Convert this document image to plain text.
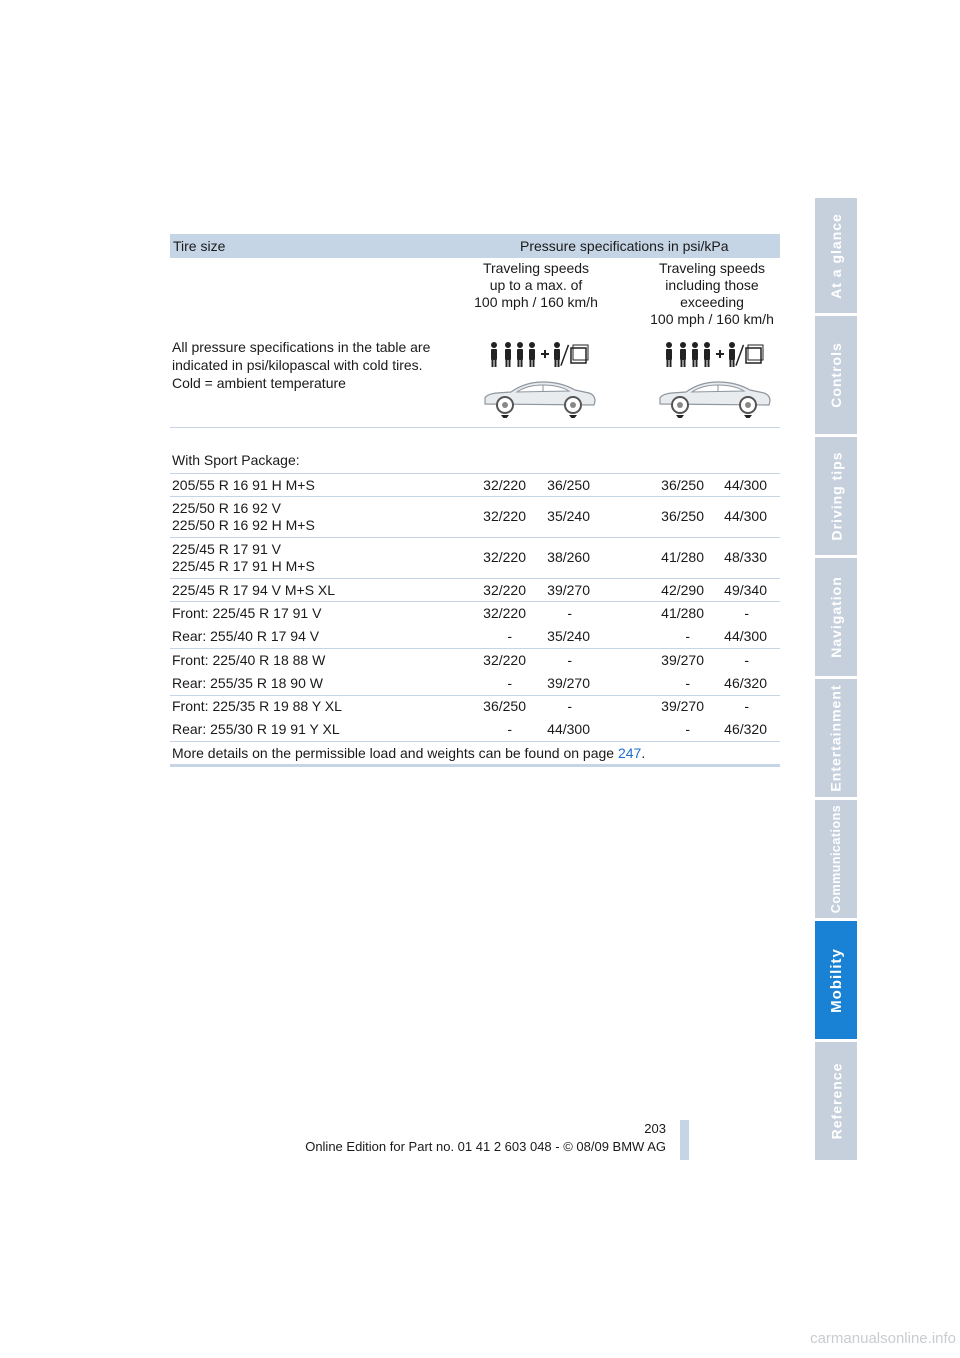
At a glance
Controls
Driving tips
Navigation
Entertainment
Communications
Mobility
Reference
Tire size	Pressure specifications in psi/kPa
Traveling speeds
up to a max. of
100 mph / 160 km/h
Traveling speeds
including those
exceeding
100 mph / 160 km/h
All pressure specifications in the table are
indicated in psi/kilopascal with cold tires.
Cold = ambient temperature
With Sport Package:
205/55 R 16 91 H M+S	32/220	36/250	36/250	44/300
225/50 R 16 92 V
225/50 R 16 92 H M+S
32/220	35/240	36/250	44/300
225/45 R 17 91 V
225/45 R 17 91 H M+S
32/220	38/260	41/280	48/330
225/45 R 17 94 V M+S XL	32/220	39/270	42/290	49/340
Front: 225/45 R 17 91 V	32/220	-	41/280	-
Rear: 255/40 R 17 94 V	-	35/240	-	44/300
Front: 225/40 R 18 88 W	32/220	-	39/270	-
Rear: 255/35 R 18 90 W	-	39/270	-	46/320
Front: 225/35 R 19 88 Y XL	36/250	-	39/270	-
Rear: 255/30 R 19 91 Y XL	-	44/300	-	46/320
More details on the permissible load and weights can be found on page 247.
203
Online Edition for Part no. 01 41 2 603 048 - © 08/09 BMW AG
carmanualsonline.info
